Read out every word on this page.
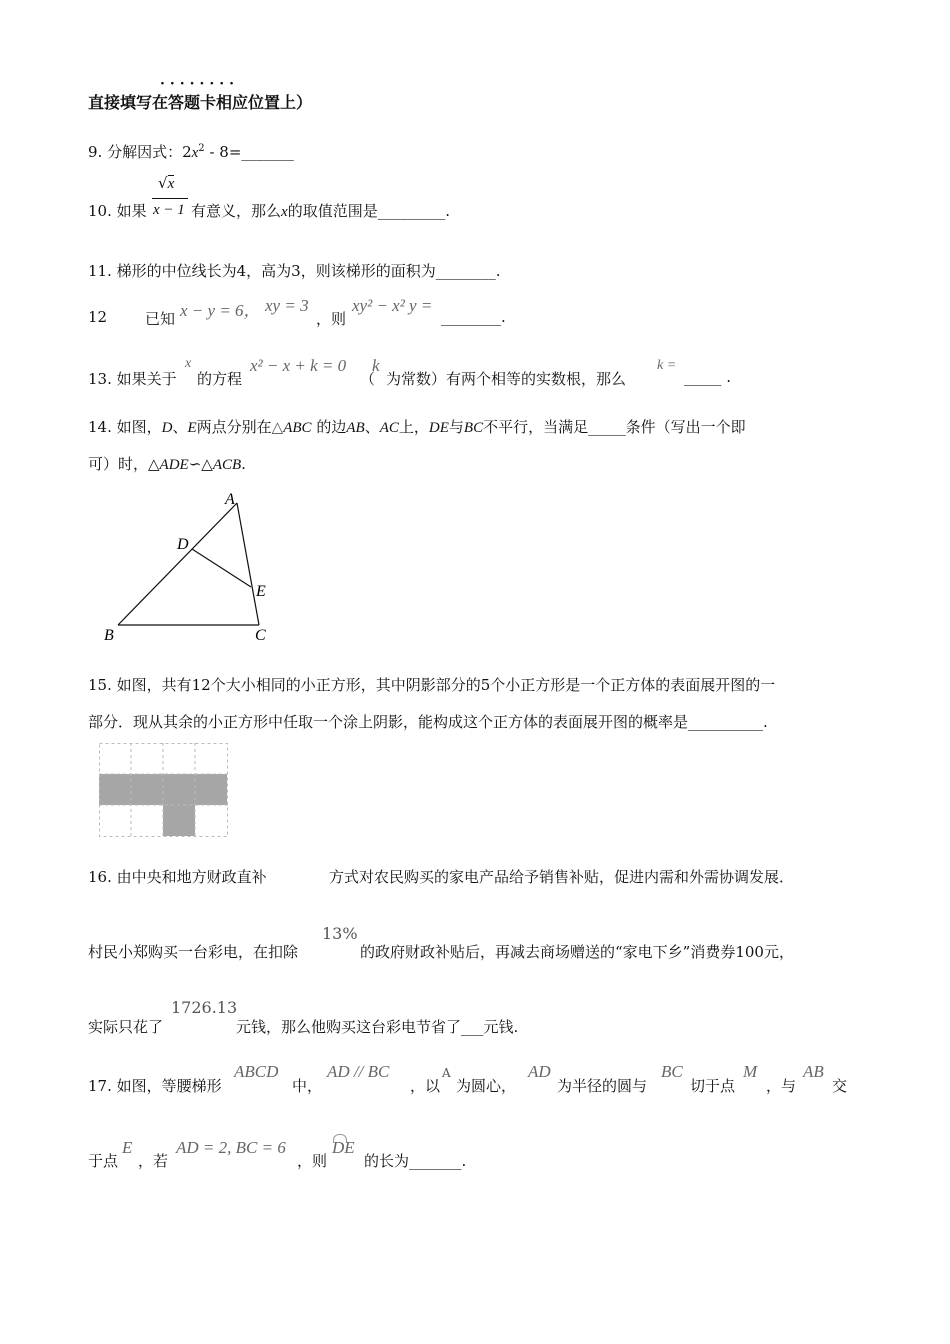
········
直接填写在答题卡相应位置上）
9. 分解因式：$2x^2$ - 8=_______
10. 如果
√x
x − 1 有意义，那么x的取值范围是_________.
11. 梯形的中位线长为4，高为3，则该梯形的面积为________.
12	已知 x − y = 6， xy = 3
，则
xy² − x² y =
________.
13. 如果关于
x
的方程
x² − x + k = 0
（
k
为常数）有两个相等的实数根，那么
k =
_____ .
14. 如图，D、E两点分别在△ABC 的边AB、AC上，DE与BC不平行，当满足_____条件（写出一个即
可）时，△ADE∽△ACB.
A
B	C
D
E
15. 如图，共有12个大小相同的小正方形，其中阴影部分的5个小正方形是一个正方体的表面展开图的一
部分．现从其余的小正方形中任取一个涂上阴影，能构成这个正方体的表面展开图的概率是__________.
16. 由中央和地方财政直补	方式对农民购买的家电产品给予销售补贴，促进内需和外需协调发展．
村民小郑购买一台彩电，在扣除
13%
的政府财政补贴后，再减去商场赠送的“家电下乡”消费券100元，
实际只花了
1726.13
元钱，那么他购买这台彩电节省了___元钱.
17. 如图，等腰梯形
ABCD
中，
AD // BC
，以
A
为圆心，
AD
为半径的圆与
BC
切于点
M
，与
AB
交
于点
E
，若
AD = 2, BC = 6
，则
DE
的长为_______.
